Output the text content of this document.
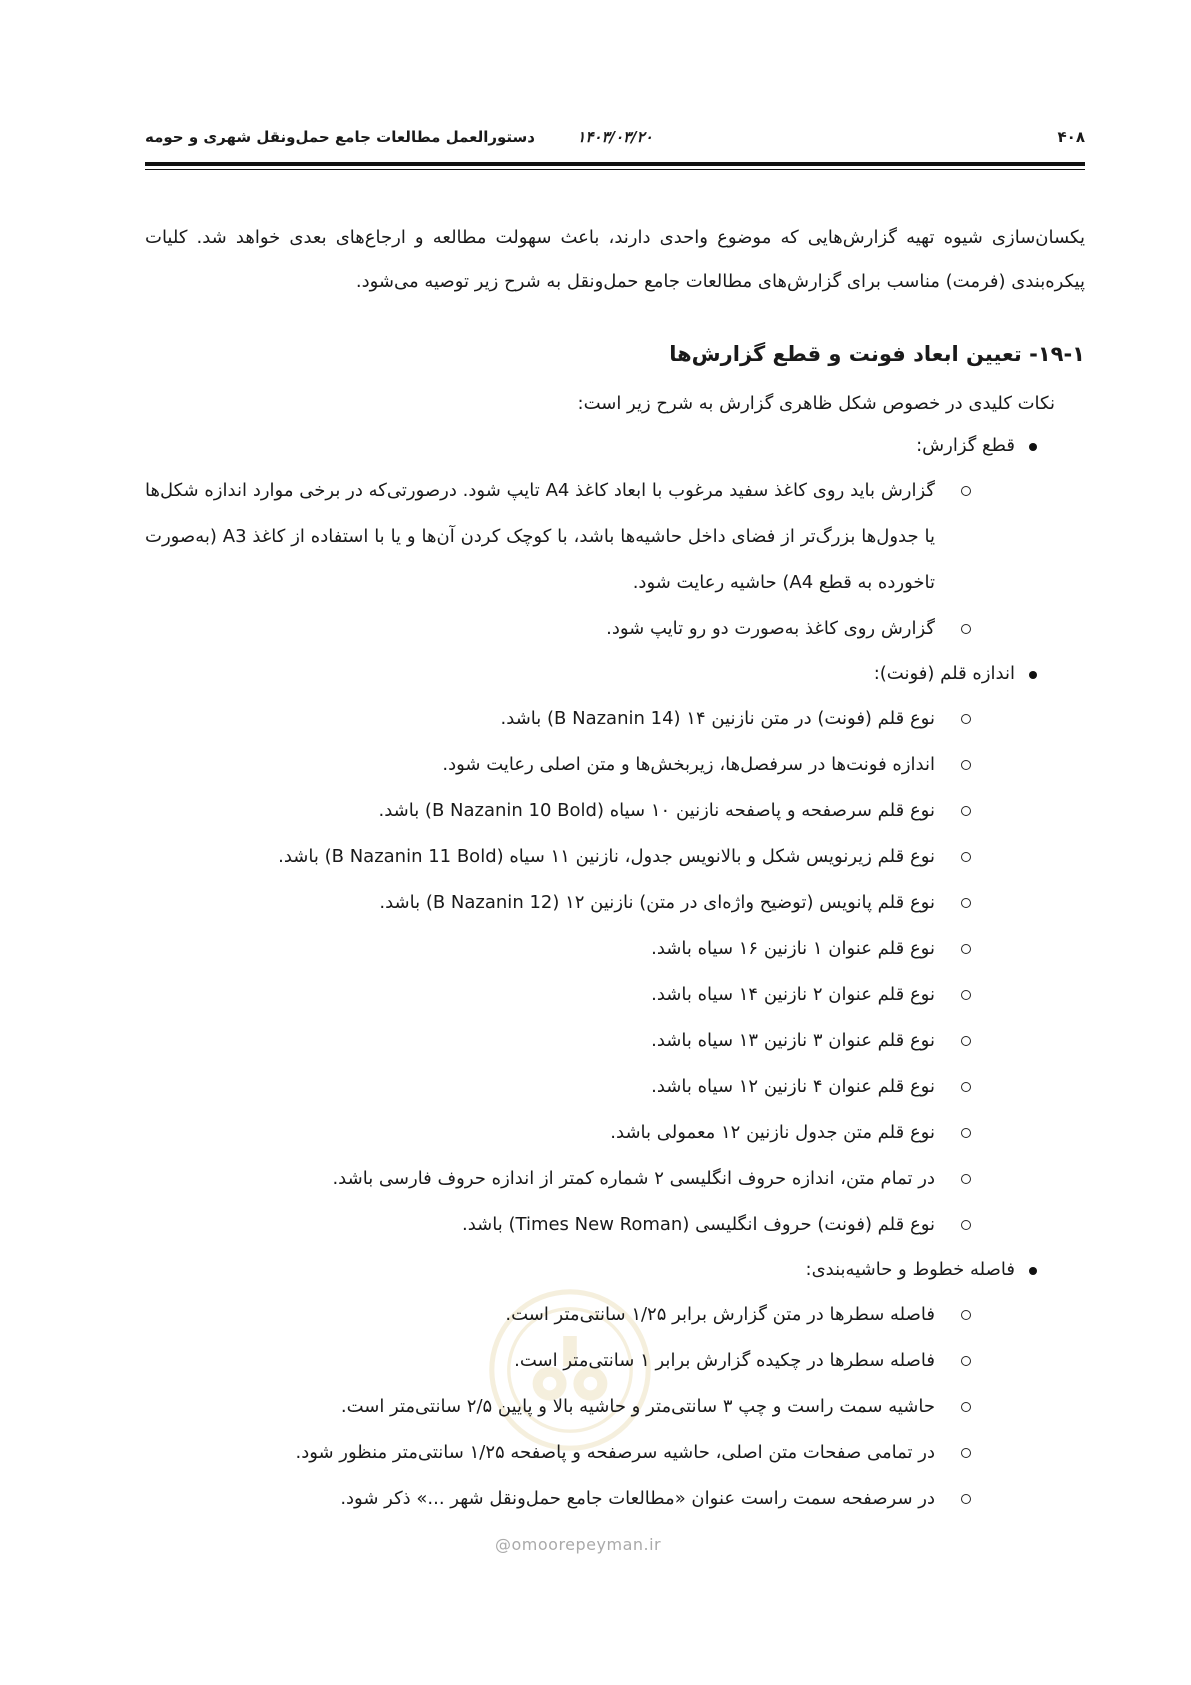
۴۰۸
۱۴۰۳/۰۳/۲۰
دستورالعمل مطالعات جامع حمل‌ونقل شهری و حومه
@omoorepeyman.ir

یکسان‌سازی شیوه تهیه گزارش‌هایی که موضوع واحدی دارند، باعث سهولت مطالعه و ارجاع‌های بعدی خواهد شد. کلیات پیکره‌بندی (فرمت) مناسب برای گزارش‌های مطالعات جامع حمل‌ونقل به شرح زیر توصیه می‌شود.

۱۹-۱- تعیین ابعاد فونت و قطع گزارش‌ها

نکات کلیدی در خصوص شکل ظاهری گزارش به شرح زیر است:

قطع گزارش:
گزارش باید روی کاغذ سفید مرغوب با ابعاد کاغذ A4 تایپ شود. درصورتی‌که در برخی موارد اندازه شکل‌ها یا جدول‌ها بزرگ‌تر از فضای داخل حاشیه‌ها باشد، با کوچک کردن آن‌ها و یا با استفاده از کاغذ A3 (به‌صورت تاخورده به قطع A4) حاشیه رعایت شود.
گزارش روی کاغذ به‌صورت دو رو تایپ شود.
اندازه قلم (فونت):
نوع قلم (فونت) در متن نازنین ۱۴ (B Nazanin 14) باشد.
اندازه فونت‌ها در سرفصل‌ها، زیربخش‌ها و متن اصلی رعایت شود.
نوع قلم سرصفحه و پاصفحه نازنین ۱۰ سیاه (B Nazanin 10 Bold) باشد.
نوع قلم زیرنویس شکل و بالانویس جدول، نازنین ۱۱ سیاه (B Nazanin 11 Bold) باشد.
نوع قلم پانویس (توضیح واژه‌ای در متن) نازنین ۱۲ (B Nazanin 12) باشد.
نوع قلم عنوان ۱ نازنین ۱۶ سیاه باشد.
نوع قلم عنوان ۲ نازنین ۱۴ سیاه باشد.
نوع قلم عنوان ۳ نازنین ۱۳ سیاه باشد.
نوع قلم عنوان ۴ نازنین ۱۲ سیاه باشد.
نوع قلم متن جدول نازنین ۱۲ معمولی باشد.
در تمام متن، اندازه حروف انگلیسی ۲ شماره کمتر از اندازه حروف فارسی باشد.
نوع قلم (فونت) حروف انگلیسی (Times New Roman) باشد.
فاصله خطوط و حاشیه‌بندی:
فاصله سطرها در متن گزارش برابر ۱/۲۵ سانتی‌متر است.
فاصله سطرها در چکیده گزارش برابر ۱ سانتی‌متر است.
حاشیه سمت راست و چپ ۳ سانتی‌متر و حاشیه بالا و پایین ۲/۵ سانتی‌متر است.
در تمامی صفحات متن اصلی، حاشیه سرصفحه و پاصفحه ۱/۲۵ سانتی‌متر منظور شود.
در سرصفحه سمت راست عنوان «مطالعات جامع حمل‌ونقل شهر ...» ذکر شود.
